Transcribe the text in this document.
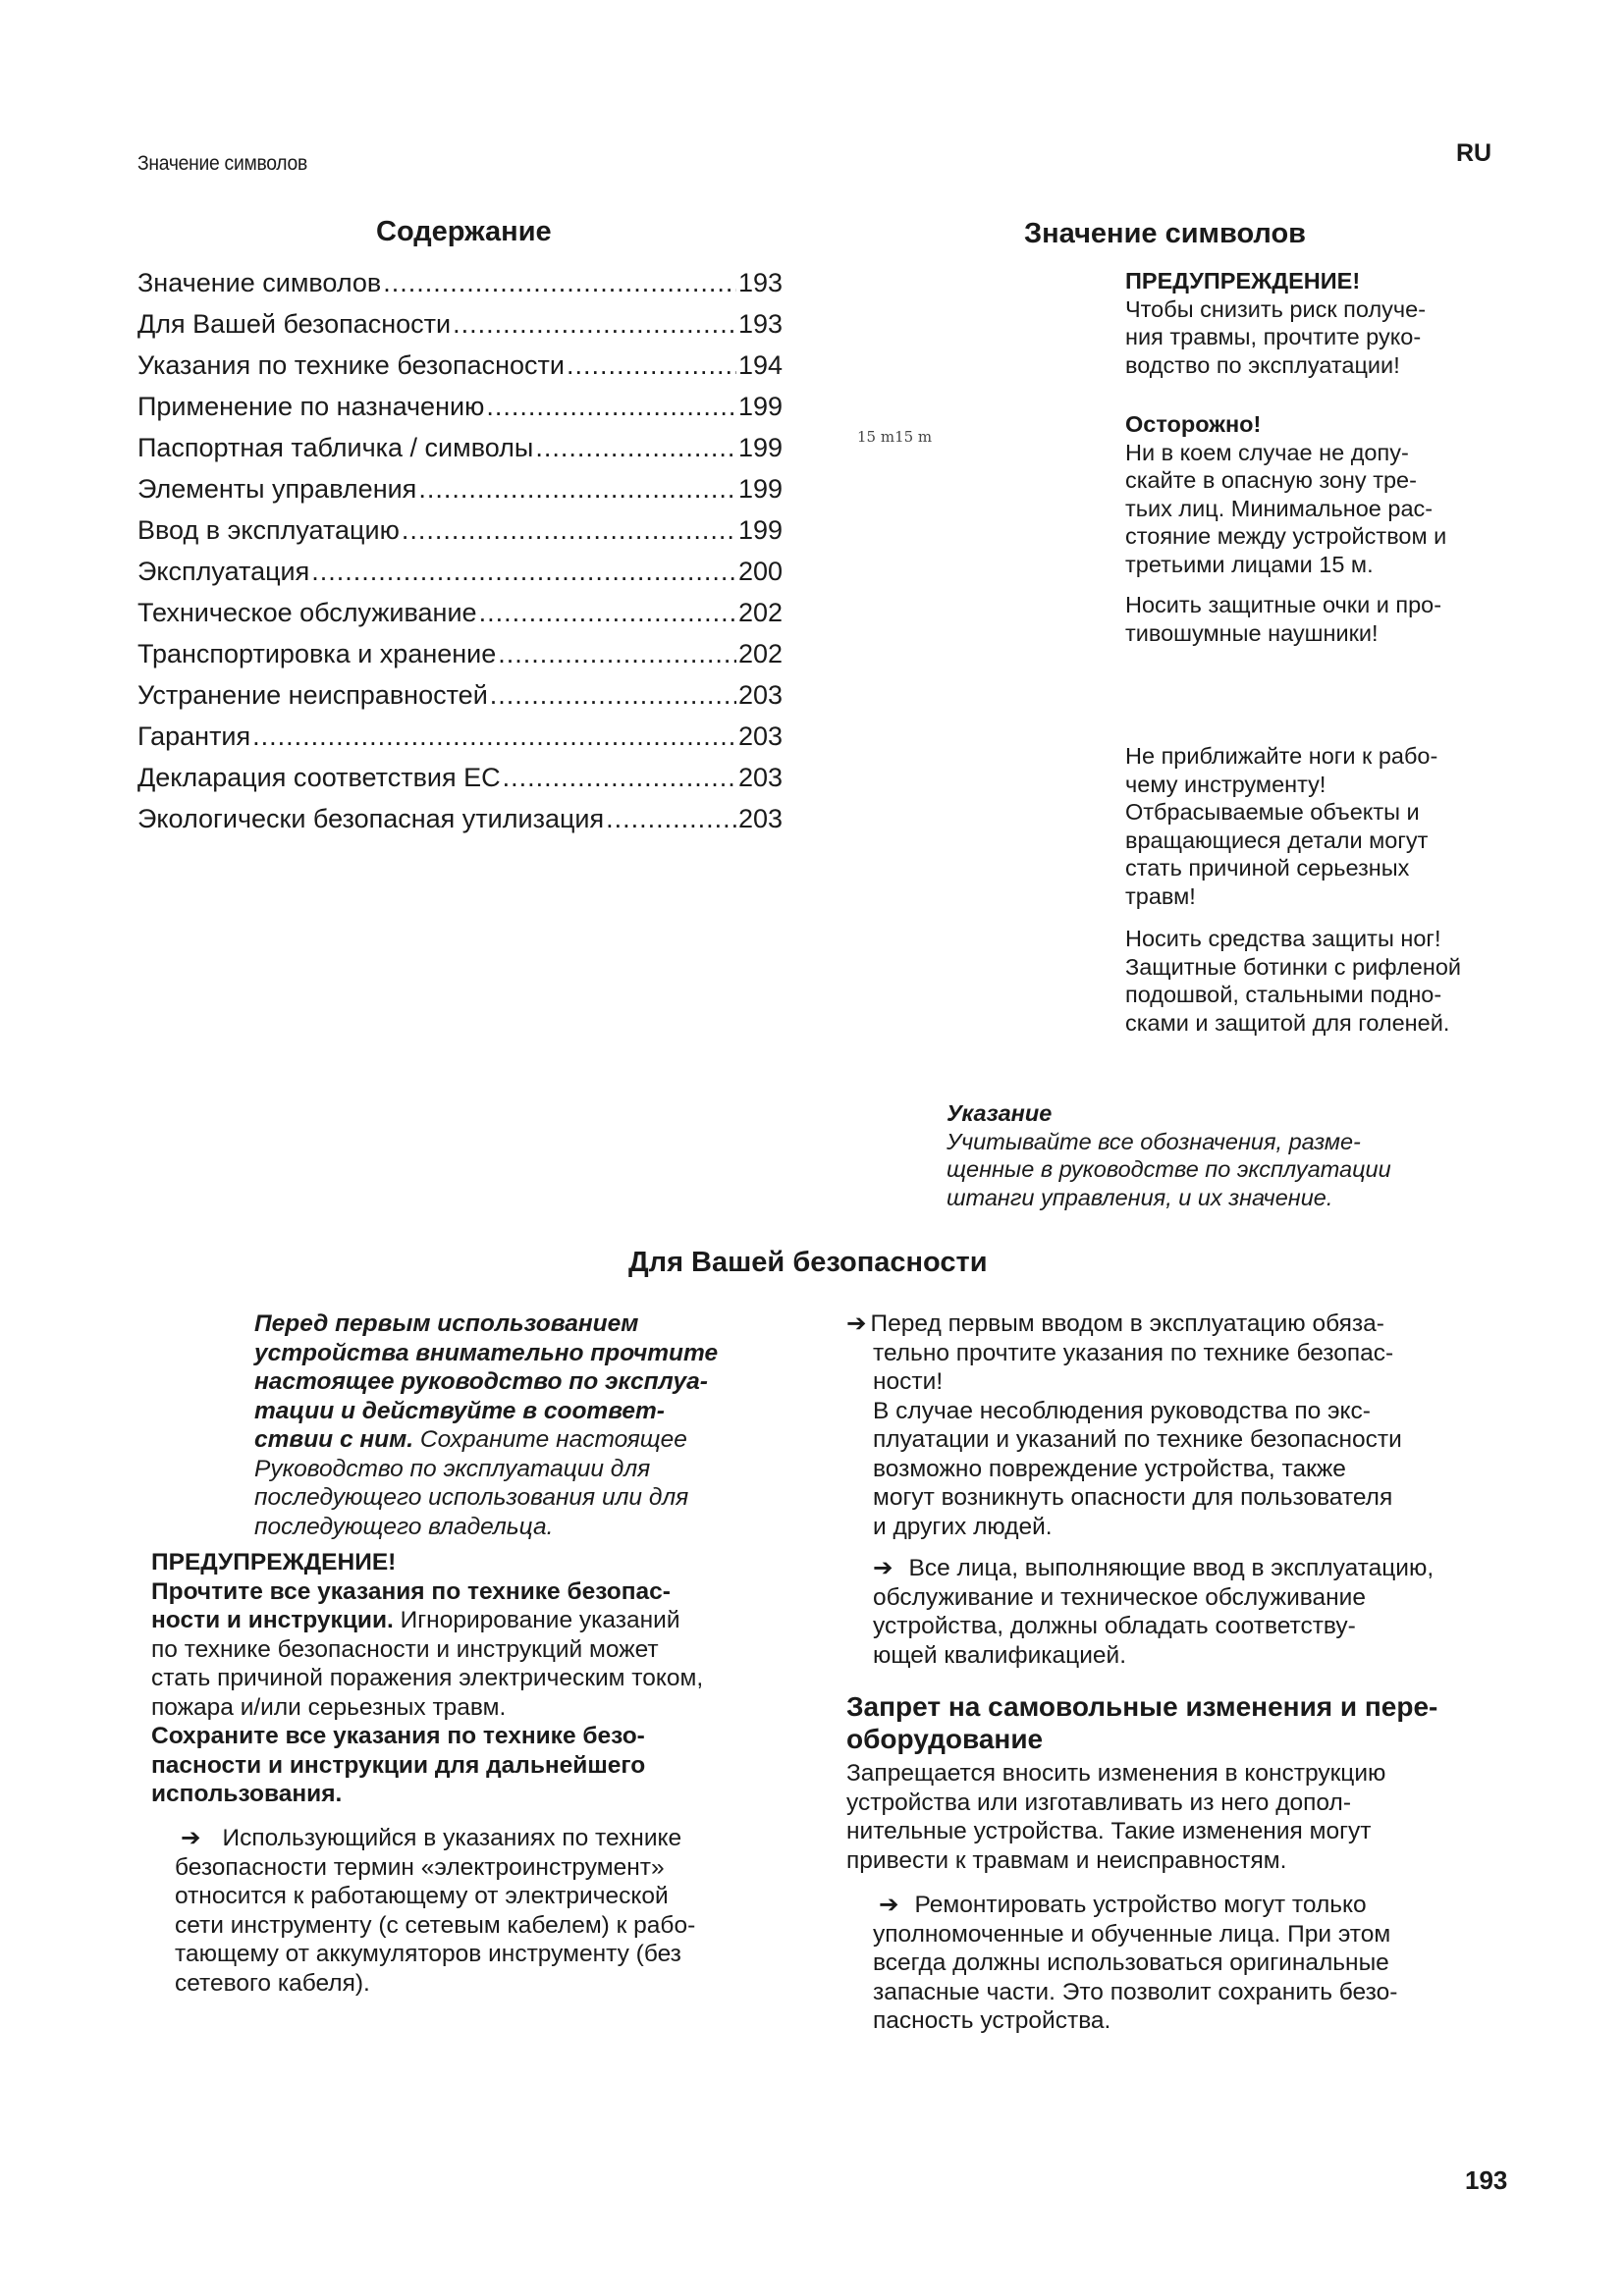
Значение символов	RU
Содержание
Значение символов .....	193
Для Вашей безопасности .....	193
Указания по технике безопасности .....	194
Применение по назначению .....	199
Паспортная табличка / символы .....	199
Элементы управления .....	199
Ввод в эксплуатацию .....	199
Эксплуатация .....	200
Техническое обслуживание .....	202
Транспортировка и хранение .....	202
Устранение неисправностей .....	203
Гарантия .....	203
Декларация соответствия ЕС .....	203
Экологически безопасная утилизация .....	203
Значение символов
15 m15 m
ПРЕДУПРЕЖДЕНИЕ!
Чтобы снизить риск получе-
ния травмы, прочтите руко-
водство по эксплуатации!
Осторожно!
Ни в коем случае не допу-
скайте в опасную зону тре-
тьих лиц. Минимальное рас-
стояние между устройством и
третьими лицами 15 м.
Носить защитные очки и про-
тивошумные наушники!
Не приближайте ноги к рабо-
чему инструменту!
Отбрасываемые объекты и
вращающиеся детали могут
стать причиной серьезных
травм!
Носить средства защиты ног!
Защитные ботинки с рифленой
подошвой, стальными подно-
сками и защитой для голеней.
Указание
Учитывайте все обозначения, разме-
щенные в руководстве по эксплуатации
штанги управления, и их значение.
Для Вашей безопасности
Перед первым использованием
устройства внимательно прочтите
настоящее руководство по эксплуа-
тации и действуйте в соответ-
ствии с ним. Сохраните настоящее
Руководство по эксплуатации для
последующего использования или для
последующего владельца.
ПРЕДУПРЕЖДЕНИЕ!
Прочтите все указания по технике безопас-
ности и инструкции. Игнорирование указаний
по технике безопасности и инструкций может
стать причиной поражения электрическим током,
пожара и/или серьезных травм.
Сохраните все указания по технике безо-
пасности и инструкции для дальнейшего
использования.
➔ Использующийся в указаниях по технике
безопасности термин «электроинструмент»
относится к работающему от электрической
сети инструменту (с сетевым кабелем) к рабо-
тающему от аккумуляторов инструменту (без
сетевого кабеля).
➔ Перед первым вводом в эксплуатацию обяза-
тельно прочтите указания по технике безопас-
ности!
В случае несоблюдения руководства по экс-
плуатации и указаний по технике безопасности
возможно повреждение устройства, также
могут возникнуть опасности для пользователя
и других людей.
➔ Все лица, выполняющие ввод в эксплуатацию,
обслуживание и техническое обслуживание
устройства, должны обладать соответству-
ющей квалификацией.
Запрет на самовольные изменения и пере-
оборудование
Запрещается вносить изменения в конструкцию
устройства или изготавливать из него допол-
нительные устройства. Такие изменения могут
привести к травмам и неисправностям.
➔ Ремонтировать устройство могут только
уполномоченные и обученные лица. При этом
всегда должны использоваться оригинальные
запасные части. Это позволит сохранить безо-
пасность устройства.
193
